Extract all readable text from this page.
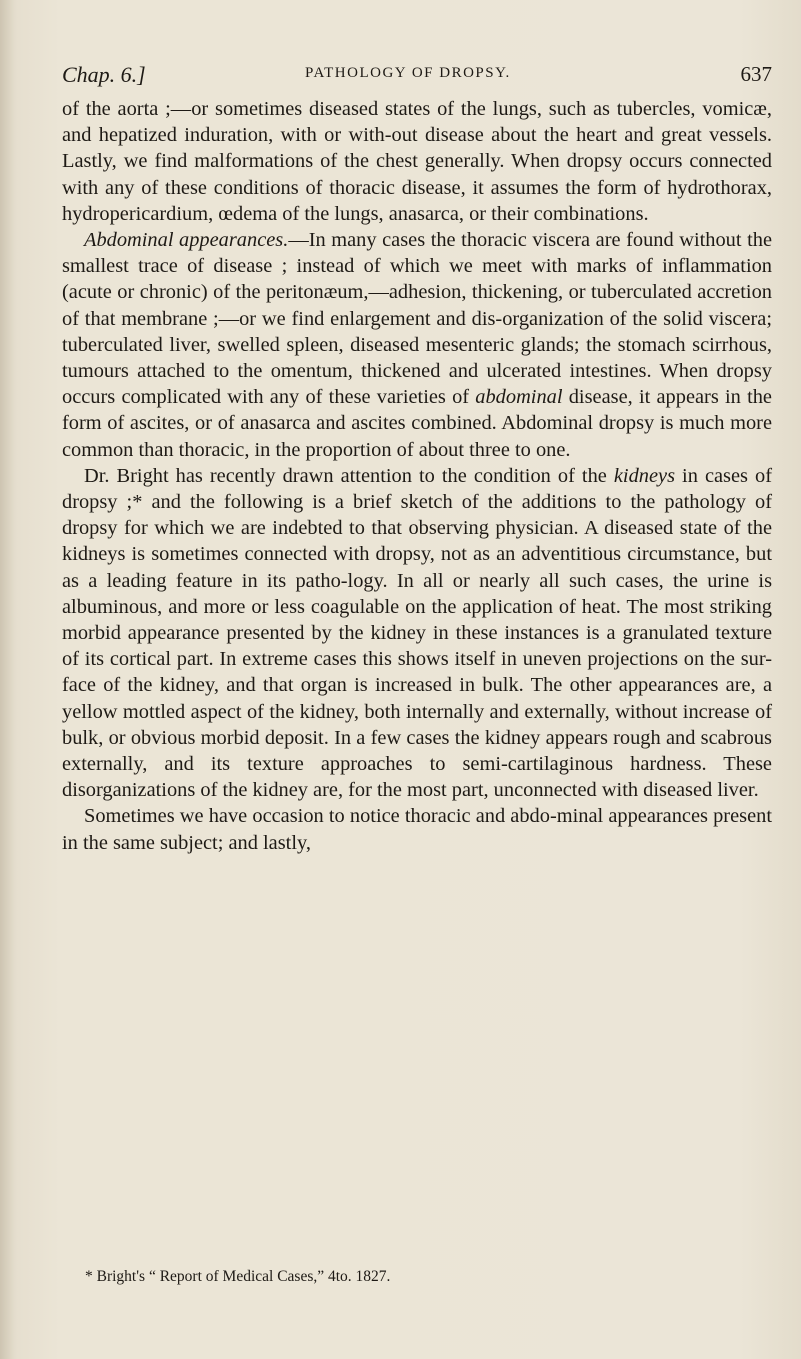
Chap. 6.]	PATHOLOGY OF DROPSY.	637

of the aorta ;—or sometimes diseased states of the lungs, such as tubercles, vomicæ, and hepatized induration, with or with-out disease about the heart and great vessels. Lastly, we find malformations of the chest generally. When dropsy occurs connected with any of these conditions of thoracic disease, it assumes the form of hydrothorax, hydropericardium, œdema of the lungs, anasarca, or their combinations.

Abdominal appearances.—In many cases the thoracic viscera are found without the smallest trace of disease ; instead of which we meet with marks of inflammation (acute or chronic) of the peritonæum,—adhesion, thickening, or tuberculated accretion of that membrane ;—or we find enlargement and dis-organization of the solid viscera; tuberculated liver, swelled spleen, diseased mesenteric glands; the stomach scirrhous, tumours attached to the omentum, thickened and ulcerated intestines. When dropsy occurs complicated with any of these varieties of abdominal disease, it appears in the form of ascites, or of anasarca and ascites combined. Abdominal dropsy is much more common than thoracic, in the proportion of about three to one.

Dr. Bright has recently drawn attention to the condition of the kidneys in cases of dropsy ;* and the following is a brief sketch of the additions to the pathology of dropsy for which we are indebted to that observing physician. A diseased state of the kidneys is sometimes connected with dropsy, not as an adventitious circumstance, but as a leading feature in its patho-logy. In all or nearly all such cases, the urine is albuminous, and more or less coagulable on the application of heat. The most striking morbid appearance presented by the kidney in these instances is a granulated texture of its cortical part. In extreme cases this shows itself in uneven projections on the sur-face of the kidney, and that organ is increased in bulk. The other appearances are, a yellow mottled aspect of the kidney, both internally and externally, without increase of bulk, or obvious morbid deposit. In a few cases the kidney appears rough and scabrous externally, and its texture approaches to semi-cartilaginous hardness. These disorganizations of the kidney are, for the most part, unconnected with diseased liver.

Sometimes we have occasion to notice thoracic and abdo-minal appearances present in the same subject; and lastly,

* Bright's “ Report of Medical Cases,” 4to. 1827.
